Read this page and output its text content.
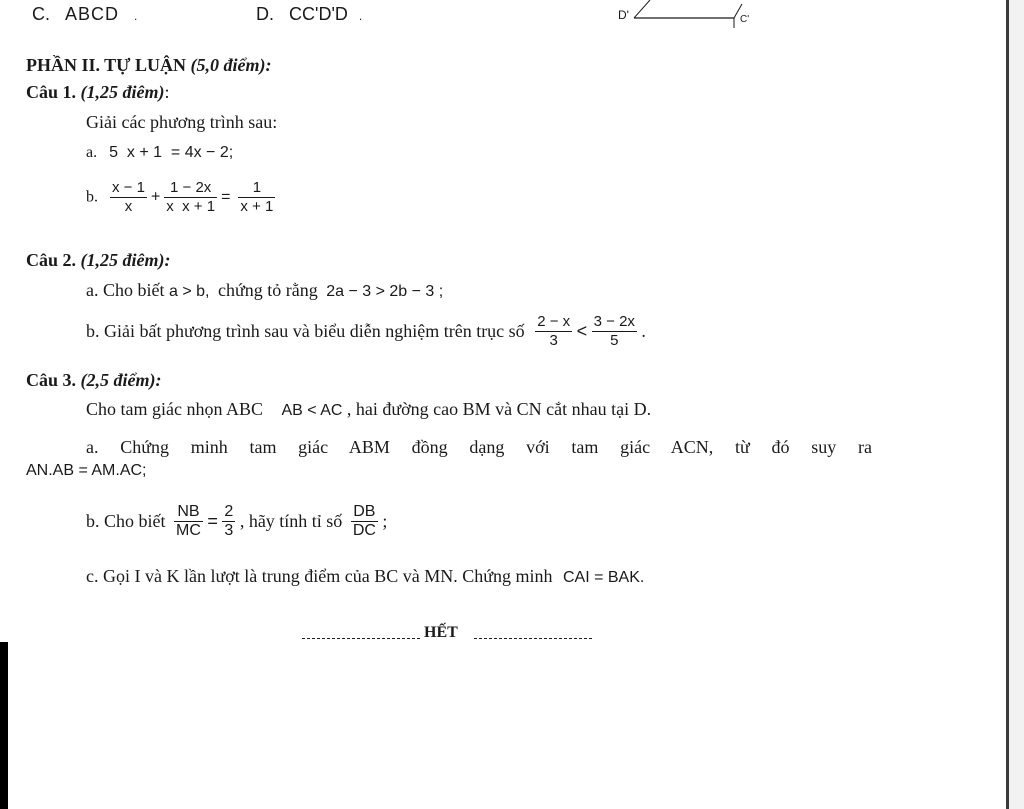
C. ABCD .	D. CC'D'D .	D'	C'
PHẦN II. TỰ LUẬN (5,0 điểm):
Câu 1. (1,25 điêm):
Giải các phương trình sau:
a. 5  x + 1  = 4x − 2;
b. $\frac{x - 1}{x} + \frac{1 - 2x}{\text{x  x + 1}} = \frac{1}{x + 1}$
Câu 2. (1,25 điêm):
a. Cho biết a > b, chứng tỏ rằng 2a − 3 > 2b − 3 ;
b. Giải bất phương trình sau và biểu diễn nghiệm trên trục số $\frac{2 - x}{3} < \frac{3 - 2x}{5}$ .
Câu 3. (2,5 điểm):
Cho tam giác nhọn ABC AB < AC , hai đường cao BM và CN cắt nhau tại D.
a. Chứng minh tam giác ABM đồng dạng với tam giác ACN, từ đó suy ra
AN.AB = AM.AC;
b. Cho biết $\frac{NB}{MC} = \frac{2}{3}$ , hãy tính tỉ số $\frac{DB}{DC}$ ;
c. Gọi I và K lần lượt là trung điểm của BC và MN. Chứng minh CAI = BAK.
HẾT
